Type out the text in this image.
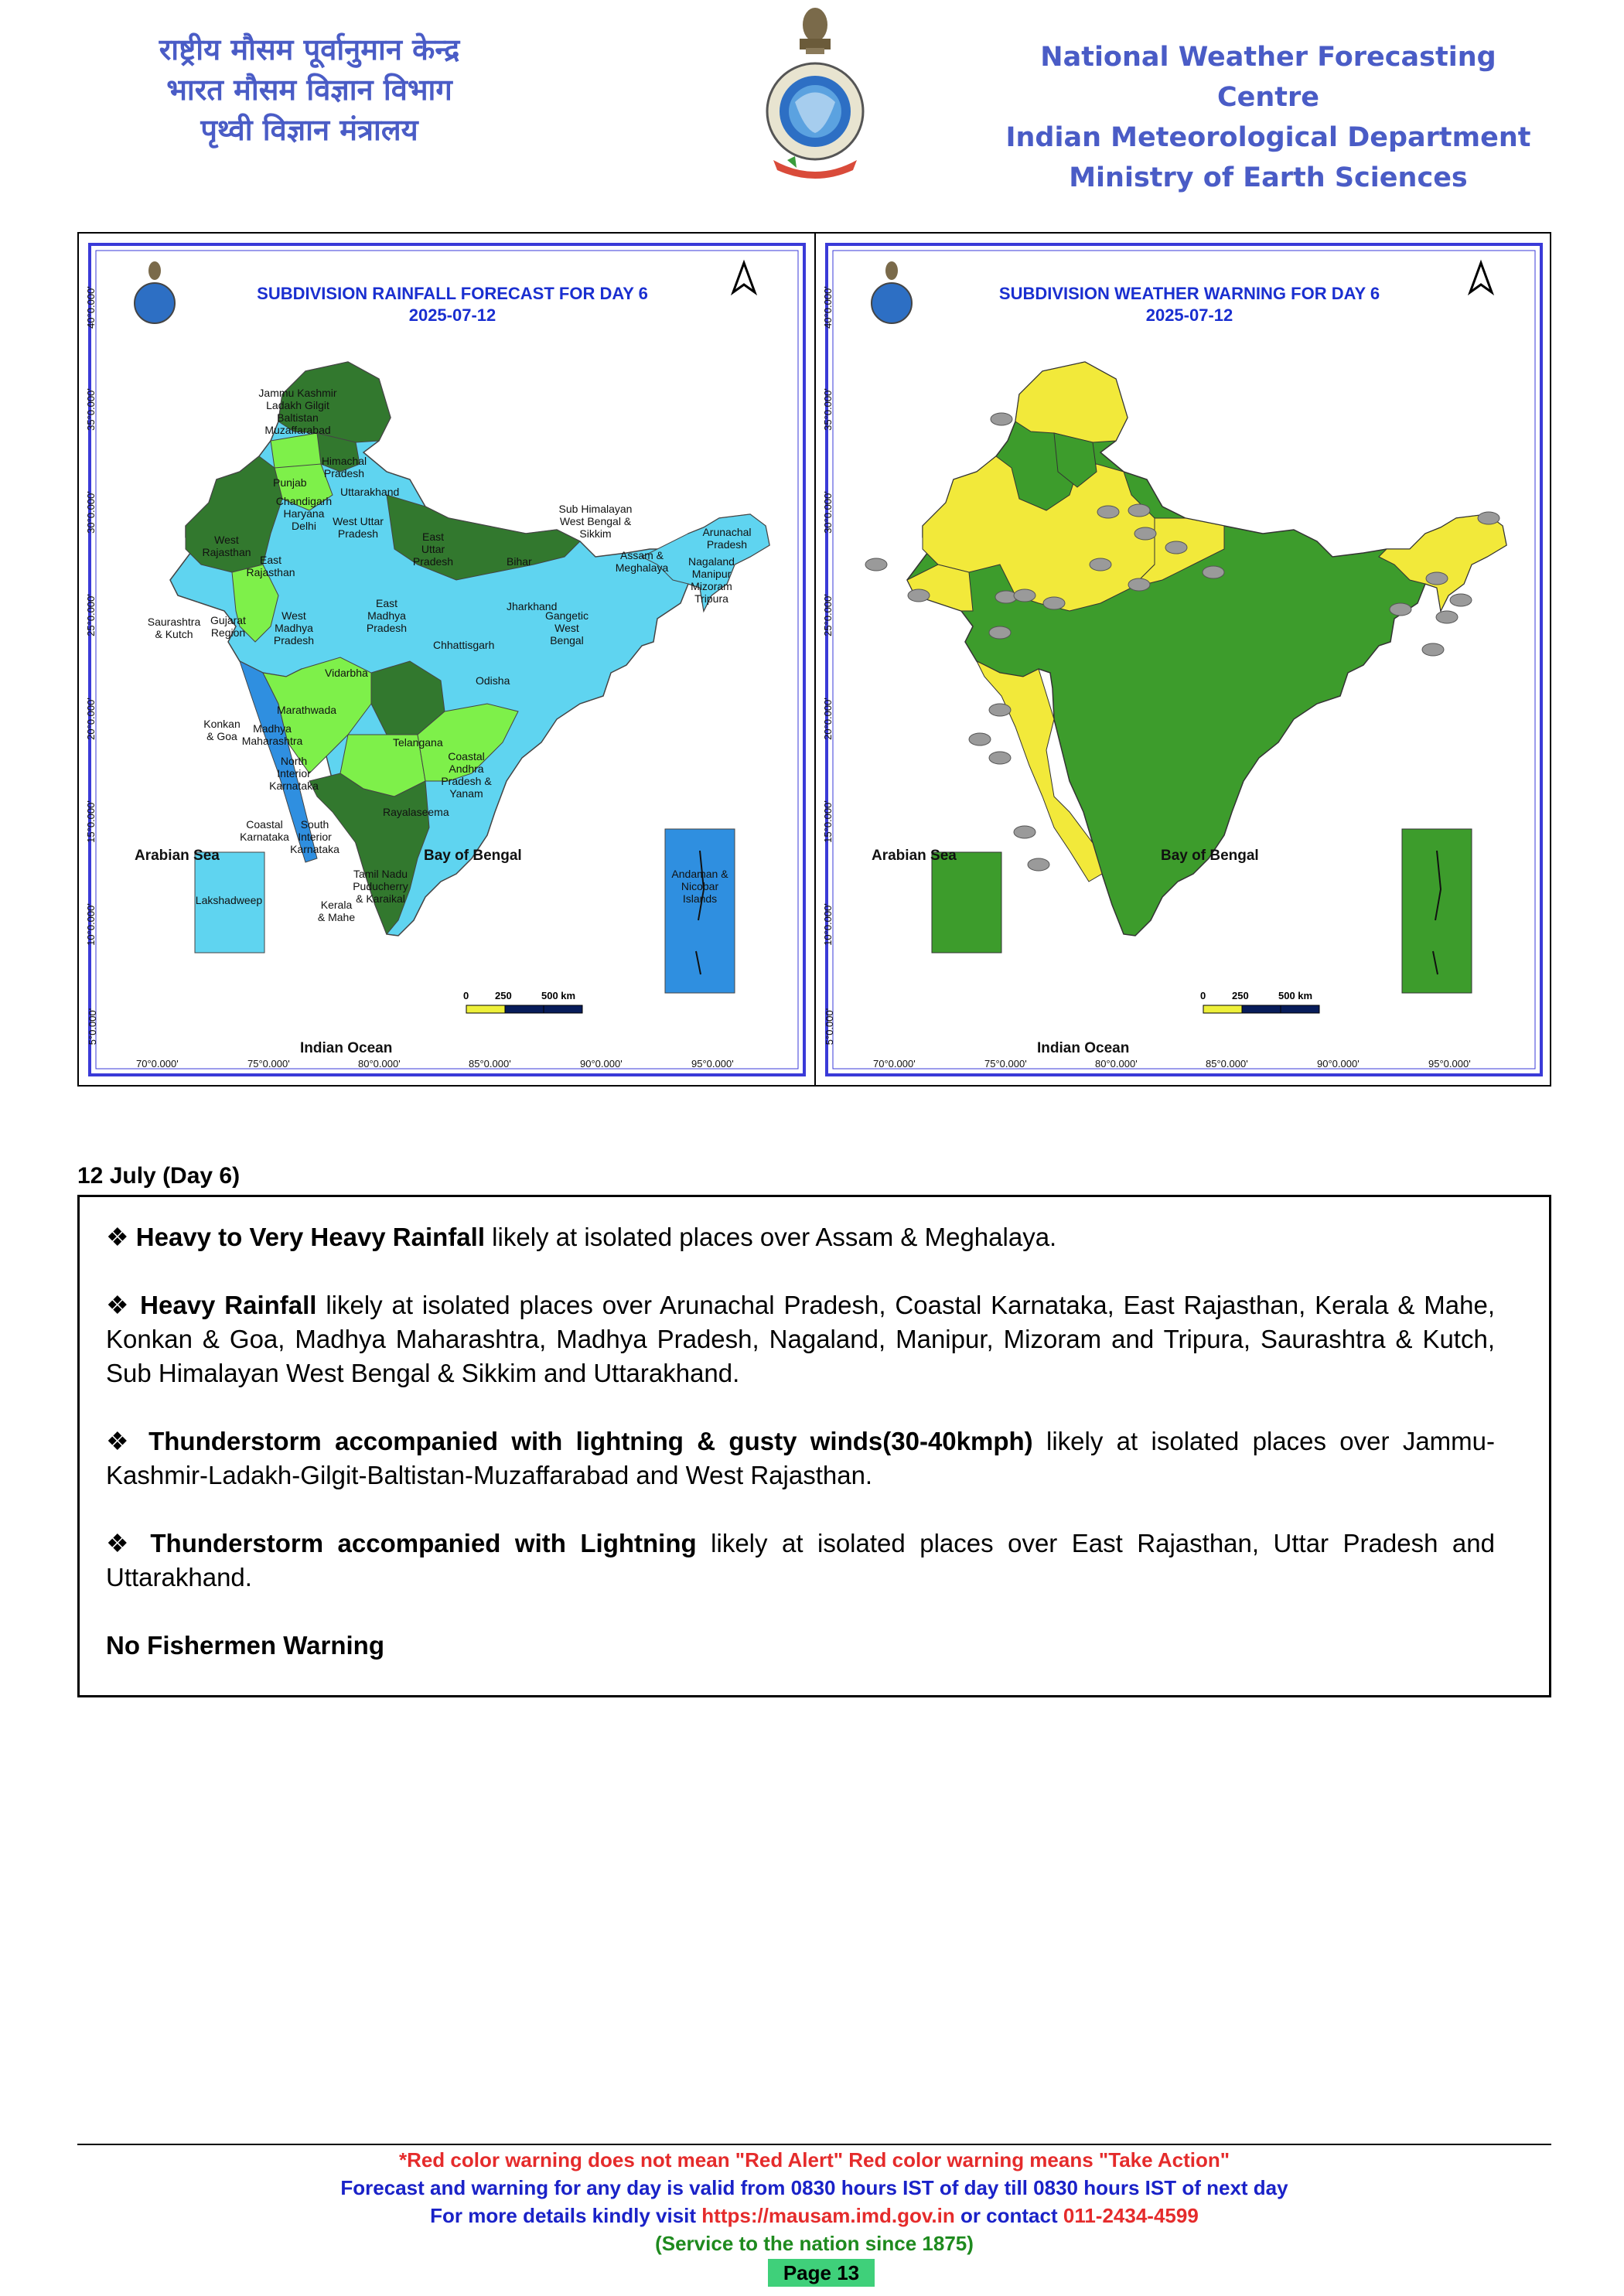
राष्ट्रीय मौसम पूर्वानुमान केन्द्र
भारत मौसम विज्ञान विभाग
पृथ्वी विज्ञान मंत्रालय
National Weather Forecasting Centre
Indian Meteorological Department
Ministry of Earth Sciences
SUBDIVISION RAINFALL FORECAST FOR DAY 6
2025-07-12
Jammu Kashmir Ladakh Gilgit Baltistan Muzaffarabad
Himachal Pradesh
Punjab
Uttarakhand
Chandigarh Haryana Delhi	West Uttar Pradesh	East Uttar Pradesh
West Rajasthan
East Rajasthan
Bihar
Sub Himalayan West Bengal & Sikkim	Arunachal Pradesh
Assam & Meghalaya	Nagaland Manipur Mizoram Tripura
Jharkhand
Gangetic West Bengal
West Madhya Pradesh
East Madhya Pradesh
Gujarat Region
Saurashtra & Kutch
Chhattisgarh
Vidarbha
Odisha
Marathwada
Konkan & Goa
Madhya Maharashtra
North Interior Karnataka
Telangana
Coastal Andhra Pradesh & Yanam
Rayalaseema
Coastal Karnataka
South Interior Karnataka
Tamil Nadu Puducherry & Karaikal
Kerala & Mahe
Lakshadweep
Andaman & Nicobar Islands
Arabian Sea	Bay of Bengal
Indian Ocean
70°0.000'	75°0.000'	80°0.000'	85°0.000'	90°0.000'	95°0.000'
40°0.000'
35°0.000'
30°0.000'
25°0.000'
20°0.000'
15°0.000'
10°0.000'
5°0.000'
0	250	500 km
SUBDIVISION WEATHER WARNING FOR DAY 6
2025-07-12
Arabian Sea	Bay of Bengal
Indian Ocean
70°0.000'	75°0.000'	80°0.000'	85°0.000'	90°0.000'	95°0.000'
40°0.000'
35°0.000'
30°0.000'
25°0.000'
20°0.000'
15°0.000'
10°0.000'
5°0.000'
0	250	500 km
12 July (Day 6)

❖ Heavy to Very Heavy Rainfall likely at isolated places over Assam & Meghalaya.

❖ Heavy Rainfall likely at isolated places over Arunachal Pradesh, Coastal Karnataka, East Rajasthan, Kerala & Mahe, Konkan & Goa, Madhya Maharashtra, Madhya Pradesh, Nagaland, Manipur, Mizoram and Tripura, Saurashtra & Kutch, Sub Himalayan West Bengal & Sikkim and Uttarakhand.

❖ Thunderstorm accompanied with lightning & gusty winds(30-40kmph) likely at isolated places over Jammu-Kashmir-Ladakh-Gilgit-Baltistan-Muzaffarabad and West Rajasthan.

❖ Thunderstorm accompanied with Lightning likely at isolated places over East Rajasthan, Uttar Pradesh and Uttarakhand.

No Fishermen Warning

*Red color warning does not mean "Red Alert" Red color warning means "Take Action"
Forecast and warning for any day is valid from 0830 hours IST of day till 0830 hours IST of next day
For more details kindly visit https://mausam.imd.gov.in or contact 011-2434-4599
(Service to the nation since 1875)
Page 13
